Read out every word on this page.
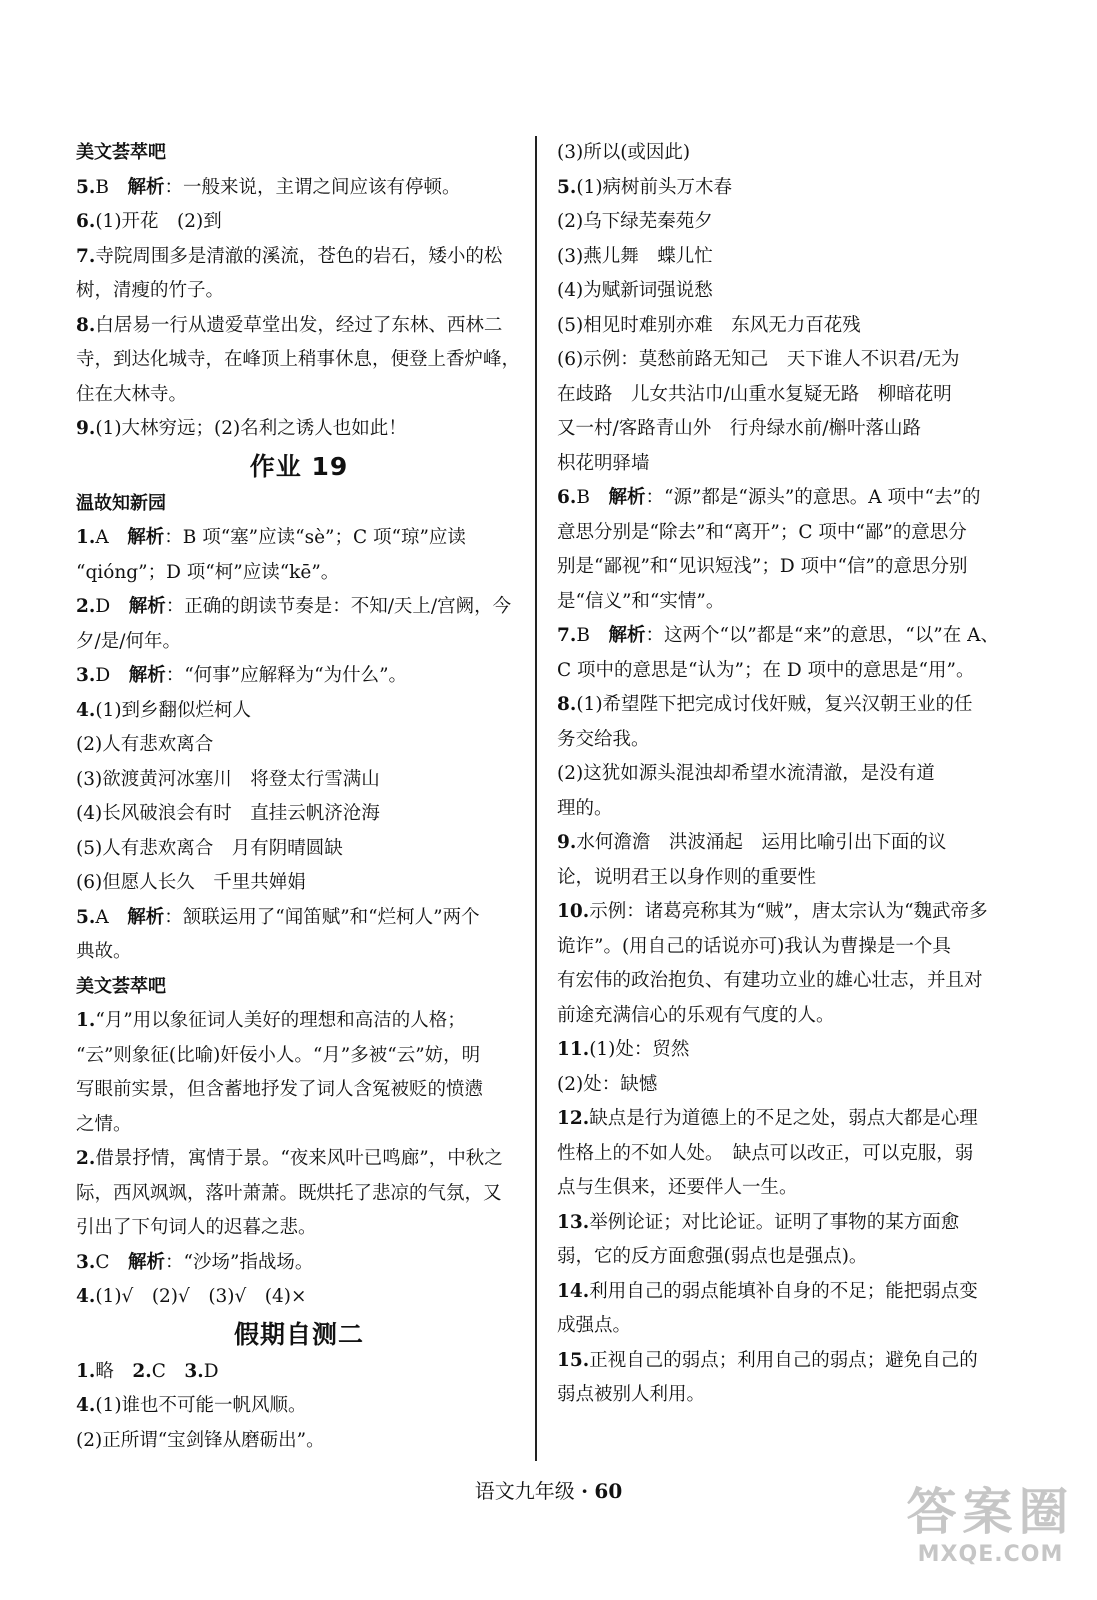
美文荟萃吧

5.B　 解析：一般来说，主谓之间应该有停顿。

6.(1)开花　(2)到

7.寺院周围多是清澈的溪流，苍色的岩石，矮小的松

树，清瘦的竹子。

8.白居易一行从遗爱草堂出发，经过了东林、西林二

寺，到达化城寺，在峰顶上稍事休息，便登上香炉峰，

住在大林寺。

9.(1)大林穷远；(2)名利之诱人也如此！

作业 19

温故知新园

1.A　 解析：B 项“塞”应读“sè”；C 项“琼”应读

“qióng”；D 项“柯”应读“kē”。

2.D　 解析：正确的朗读节奏是：不知/天上/宫阙，今

夕/是/何年。

3.D　 解析：“何事”应解释为“为什么”。

4.(1)到乡翻似烂柯人

(2)人有悲欢离合

(3)欲渡黄河冰塞川　将登太行雪满山

(4)长风破浪会有时　直挂云帆济沧海

(5)人有悲欢离合　月有阴晴圆缺

(6)但愿人长久　千里共婵娟

5.A　 解析：颔联运用了“闻笛赋”和“烂柯人”两个

典故。

美文荟萃吧

1.“月”用以象征词人美好的理想和高洁的人格；

“云”则象征(比喻)奸佞小人。“月”多被“云”妨，明

写眼前实景，但含蓄地抒发了词人含冤被贬的愤懑

之情。

2.借景抒情，寓情于景。“夜来风叶已鸣廊”，中秋之

际，西风飒飒，落叶萧萧。既烘托了悲凉的气氛，又

引出了下句词人的迟暮之悲。

3.C　 解析：“沙场”指战场。

4.(1)√　(2)√　(3)√　(4)×

假期自测二

1.略　 2.C　 3.D

4.(1)谁也不可能一帆风顺。

(2)正所谓“宝剑锋从磨砺出”。

(3)所以(或因此)

5.(1)病树前头万木春

(2)乌下绿芜秦苑夕

(3)燕儿舞　蝶儿忙

(4)为赋新词强说愁

(5)相见时难别亦难　东风无力百花残

(6)示例：莫愁前路无知己　天下谁人不识君/无为

在歧路　儿女共沾巾/山重水复疑无路　柳暗花明

又一村/客路青山外　行舟绿水前/槲叶落山路

枳花明驿墙

6.B　 解析：“源”都是“源头”的意思。A 项中“去”的

意思分别是“除去”和“离开”；C 项中“鄙”的意思分

别是“鄙视”和“见识短浅”；D 项中“信”的意思分别

是“信义”和“实情”。

7.B　 解析：这两个“以”都是“来”的意思，“以”在 A、

C 项中的意思是“认为”；在 D 项中的意思是“用”。

8.(1)希望陛下把完成讨伐奸贼，复兴汉朝王业的任

务交给我。

(2)这犹如源头混浊却希望水流清澈，是没有道

理的。

9.水何澹澹　洪波涌起　运用比喻引出下面的议

论，说明君王以身作则的重要性

10.示例：诸葛亮称其为“贼”，唐太宗认为“魏武帝多

诡诈”。(用自己的话说亦可)我认为曹操是一个具

有宏伟的政治抱负、有建功立业的雄心壮志，并且对

前途充满信心的乐观有气度的人。

11.(1)处：贸然

(2)处：缺憾

12.缺点是行为道德上的不足之处，弱点大都是心理

性格上的不如人处。　缺点可以改正，可以克服，弱

点与生俱来，还要伴人一生。

13.举例论证；对比论证。证明了事物的某方面愈

弱，它的反方面愈强(弱点也是强点)。

14.利用自己的弱点能填补自身的不足；能把弱点变

成强点。

15.正视自己的弱点；利用自己的弱点；避免自己的

弱点被别人利用。

语文九年级 · 60	答案圈
MXQE.COM
